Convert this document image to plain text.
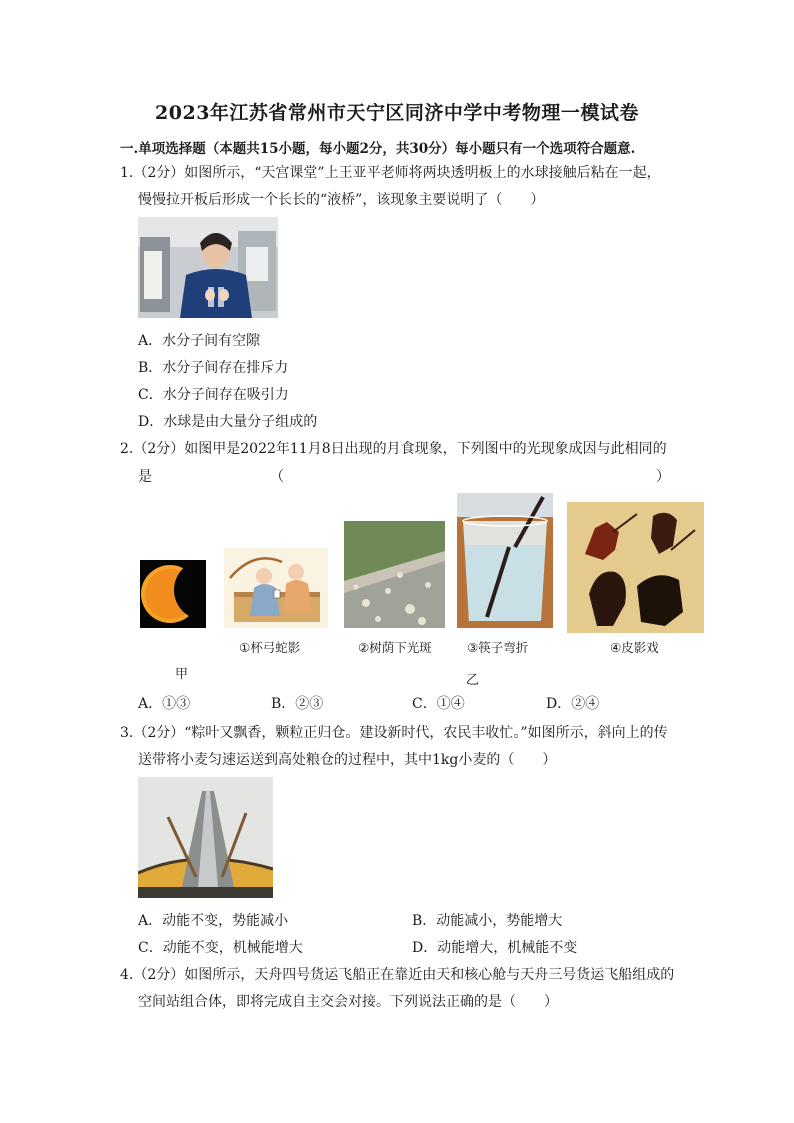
2023年江苏省常州市天宁区同济中学中考物理一模试卷
一.单项选择题（本题共15小题，每小题2分，共30分）每小题只有一个选项符合题意.
1.（2分）如图所示，“天宫课堂”上王亚平老师将两块透明板上的水球接触后粘在一起，
慢慢拉开板后形成一个长长的“液桥”，该现象主要说明了（　　）
A．水分子间有空隙
B．水分子间存在排斥力
C．水分子间存在吸引力
D．水球是由大量分子组成的
2.（2分）如图甲是2022年11月8日出现的月食现象，下列图中的光现象成因与此相同的
是	（	）
①杯弓蛇影	②树荫下光斑	③筷子弯折	④皮影戏
甲	乙
A．①③	B．②③	C．①④	D．②④
3.（2分）“粽叶又飘香，颗粒正归仓。建设新时代，农民丰收忙。”如图所示，斜向上的传
送带将小麦匀速运送到高处粮仓的过程中，其中1kg小麦的（　　）
A．动能不变，势能减小	B．动能减小，势能增大
C．动能不变，机械能增大	D．动能增大，机械能不变
4.（2分）如图所示，天舟四号货运飞船正在靠近由天和核心舱与天舟三号货运飞船组成的
空间站组合体，即将完成自主交会对接。下列说法正确的是（　　）
